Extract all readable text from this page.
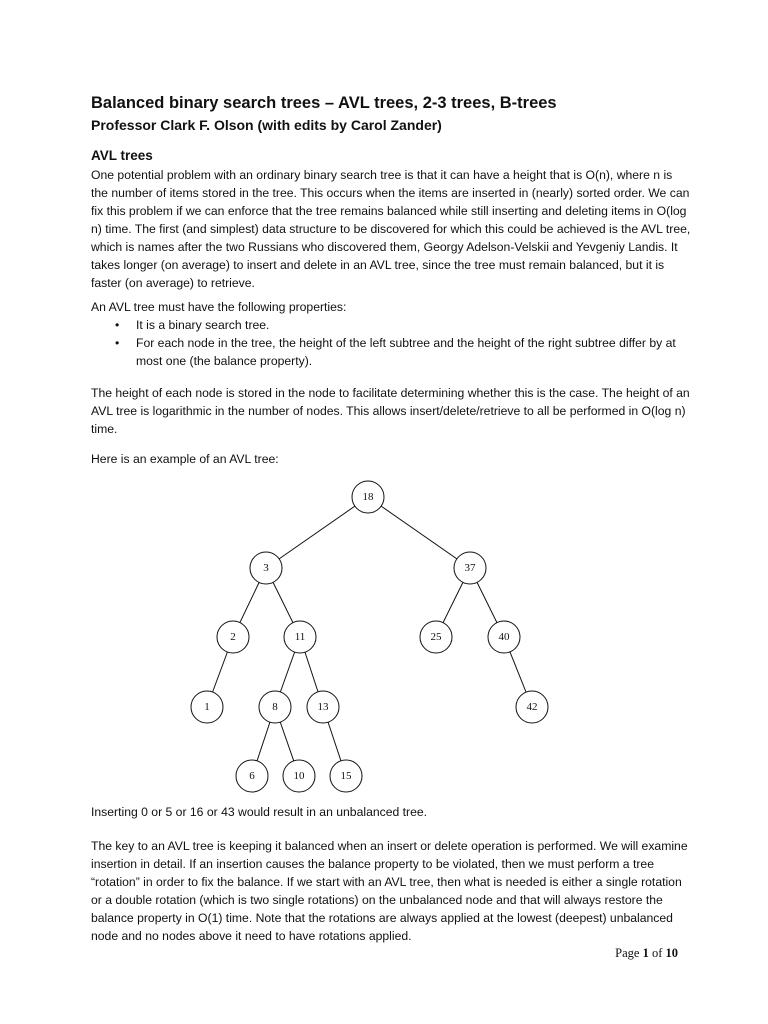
Balanced binary search trees – AVL trees, 2-3 trees, B-trees
Professor Clark F. Olson (with edits by Carol Zander)
AVL trees
One potential problem with an ordinary binary search tree is that it can have a height that is O(n), where n is the number of items stored in the tree. This occurs when the items are inserted in (nearly) sorted order. We can fix this problem if we can enforce that the tree remains balanced while still inserting and deleting items in O(log n) time. The first (and simplest) data structure to be discovered for which this could be achieved is the AVL tree, which is names after the two Russians who discovered them, Georgy Adelson-Velskii and Yevgeniy Landis. It takes longer (on average) to insert and delete in an AVL tree, since the tree must remain balanced, but it is faster (on average) to retrieve.
An AVL tree must have the following properties:
• It is a binary search tree.
• For each node in the tree, the height of the left subtree and the height of the right subtree differ by at most one (the balance property).
The height of each node is stored in the node to facilitate determining whether this is the case. The height of an AVL tree is logarithmic in the number of nodes. This allows insert/delete/retrieve to all be performed in O(log n) time.
Here is an example of an AVL tree:
18
3	37
2	11	25	40
1	8	13	42
6	10	15
Inserting 0 or 5 or 16 or 43 would result in an unbalanced tree.
The key to an AVL tree is keeping it balanced when an insert or delete operation is performed. We will examine insertion in detail. If an insertion causes the balance property to be violated, then we must perform a tree “rotation” in order to fix the balance. If we start with an AVL tree, then what is needed is either a single rotation or a double rotation (which is two single rotations) on the unbalanced node and that will always restore the balance property in O(1) time. Note that the rotations are always applied at the lowest (deepest) unbalanced node and no nodes above it need to have rotations applied.
Page 1 of 10
